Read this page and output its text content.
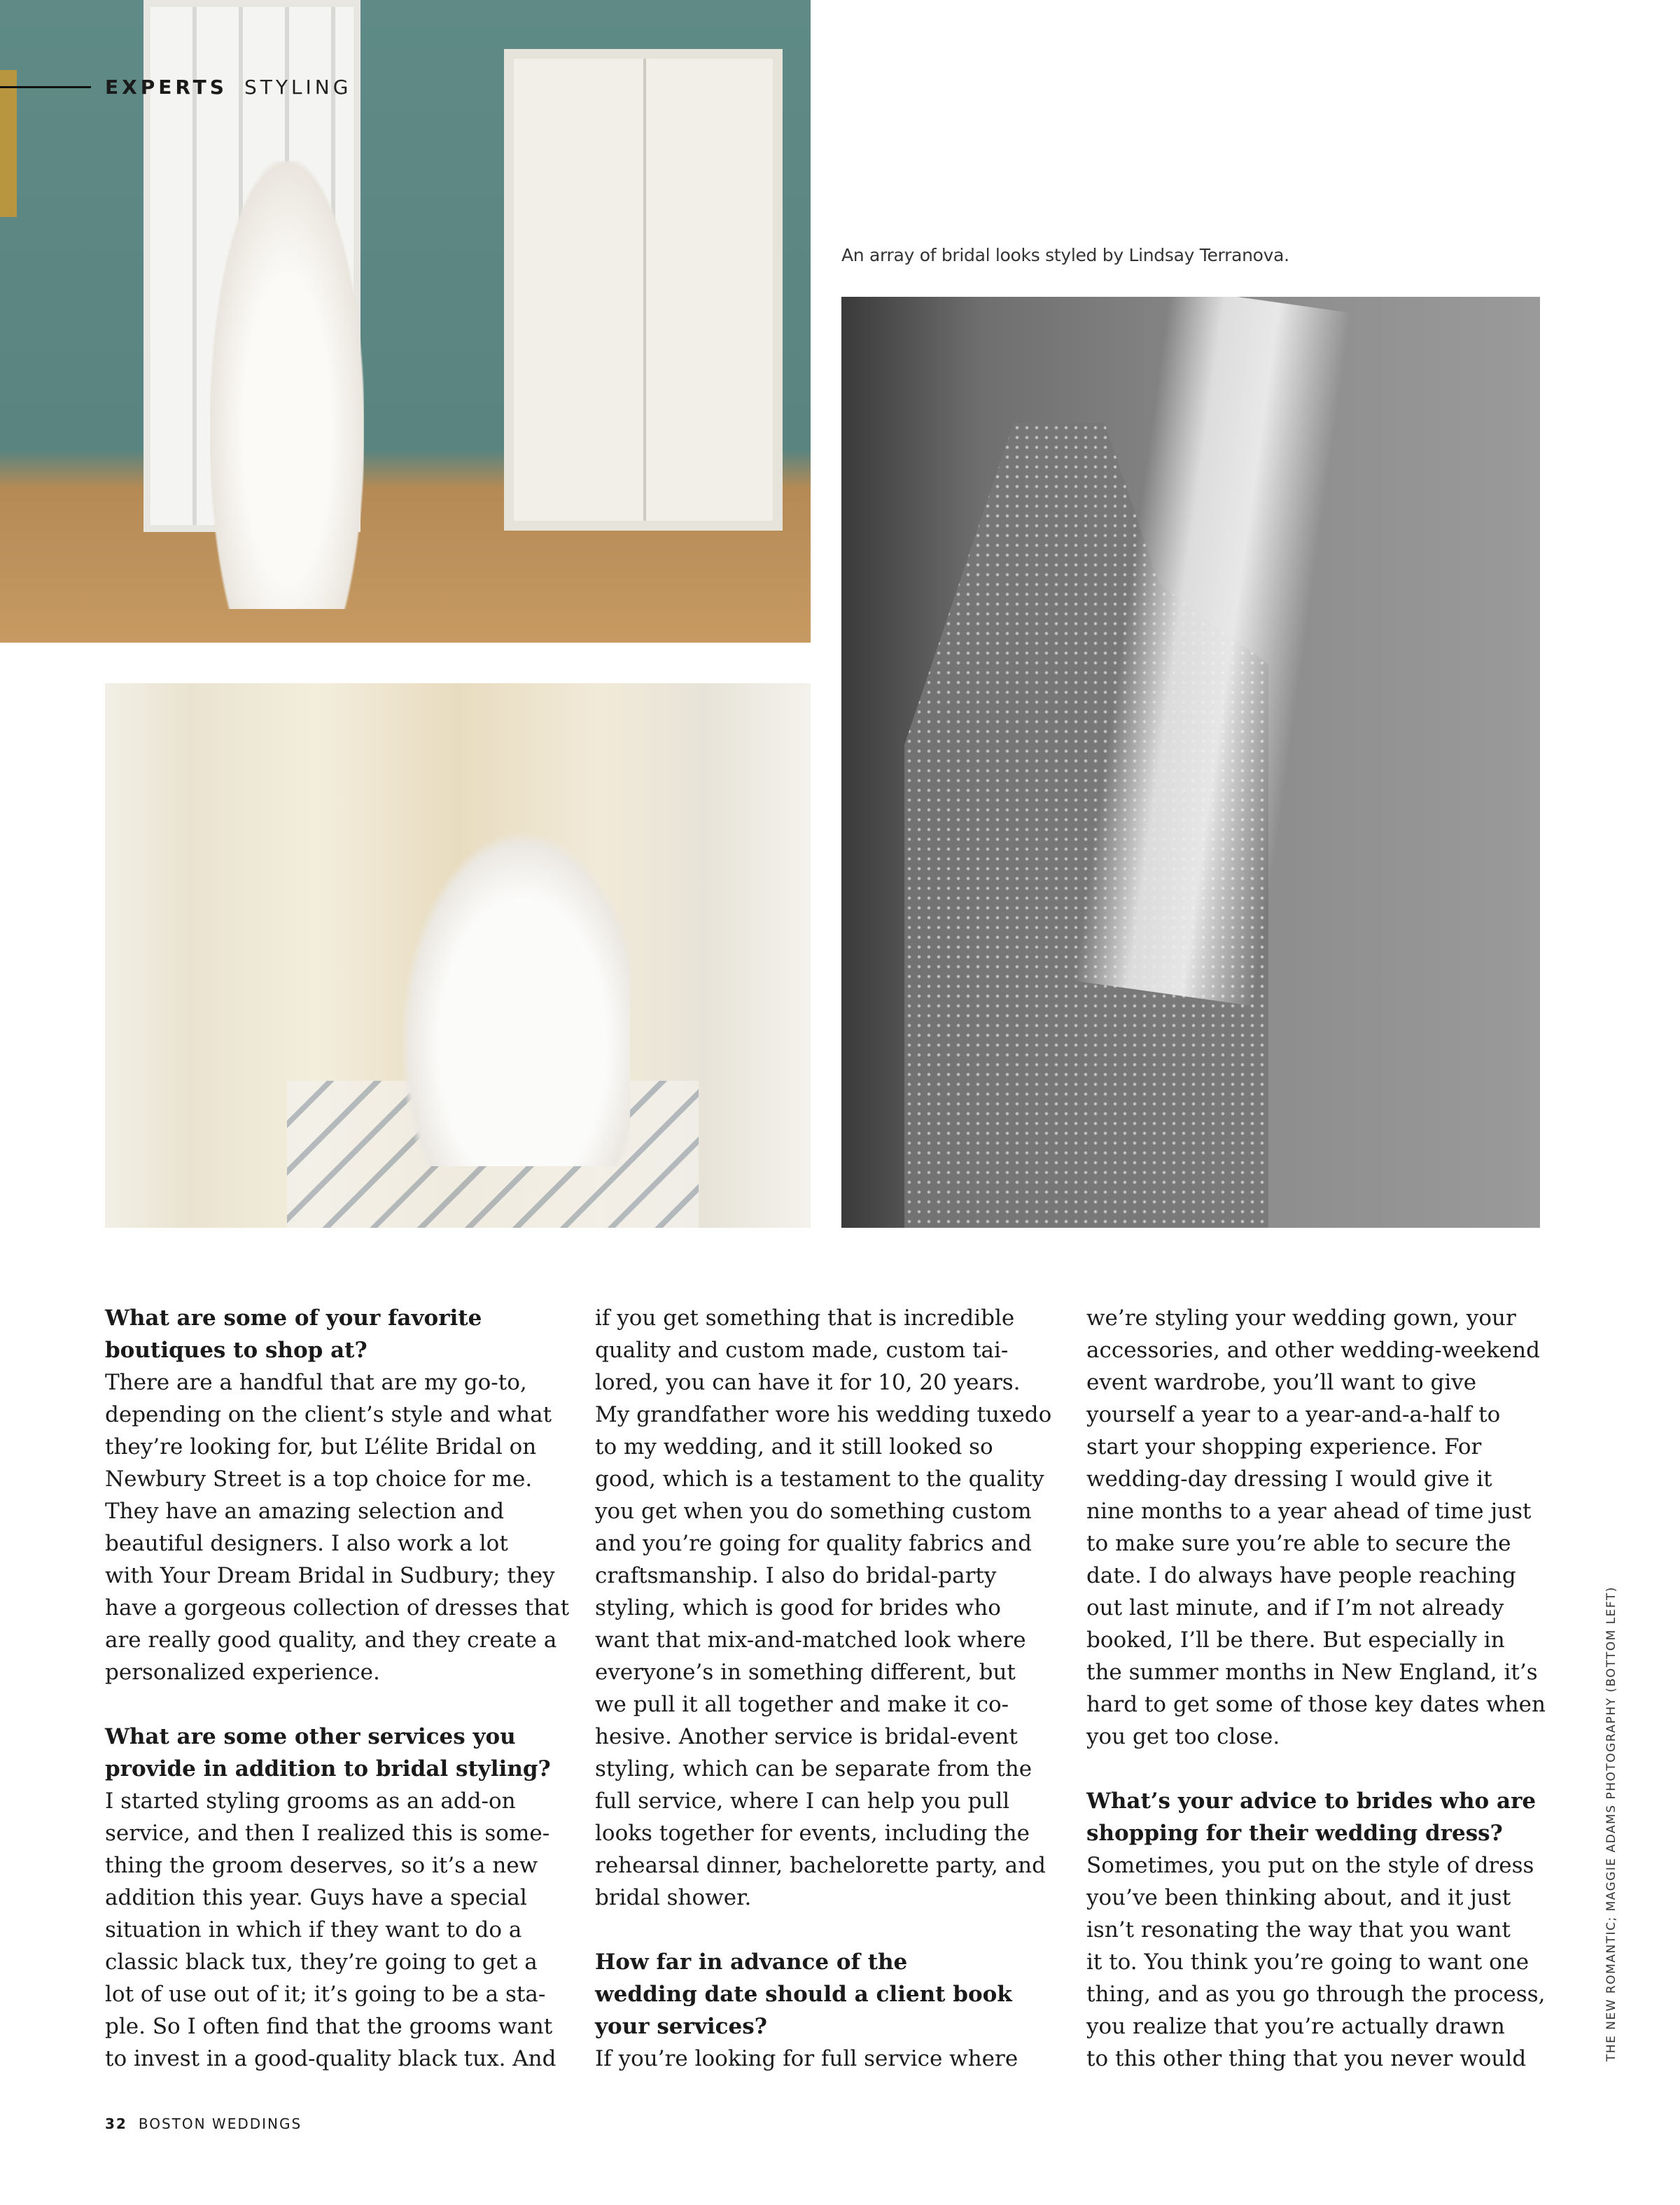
EXPERTS STYLING
An array of bridal looks styled by Lindsay Terranova.
What are some of your favorite
boutiques to shop at?
There are a handful that are my go-to,
depending on the client’s style and what
they’re looking for, but L’élite Bridal on
Newbury Street is a top choice for me.
They have an amazing selection and
beautiful designers. I also work a lot
with Your Dream Bridal in Sudbury; they
have a gorgeous collection of dresses that
are really good quality, and they create a
personalized experience.
What are some other services you
provide in addition to bridal styling?
I started styling grooms as an add-on
service, and then I realized this is some-
thing the groom deserves, so it’s a new
addition this year. Guys have a special
situation in which if they want to do a
classic black tux, they’re going to get a
lot of use out of it; it’s going to be a sta-
ple. So I often find that the grooms want
to invest in a good-quality black tux. And
if you get something that is incredible
quality and custom made, custom tai-
lored, you can have it for 10, 20 years.
My grandfather wore his wedding tuxedo
to my wedding, and it still looked so
good, which is a testament to the quality
you get when you do something custom
and you’re going for quality fabrics and
craftsmanship. I also do bridal-party
styling, which is good for brides who
want that mix-and-matched look where
everyone’s in something different, but
we pull it all together and make it co-
hesive. Another service is bridal-event
styling, which can be separate from the
full service, where I can help you pull
looks together for events, including the
rehearsal dinner, bachelorette party, and
bridal shower.
How far in advance of the
wedding date should a client book
your services?
If you’re looking for full service where
we’re styling your wedding gown, your
accessories, and other wedding-weekend
event wardrobe, you’ll want to give
yourself a year to a year-and-a-half to
start your shopping experience. For
wedding-day dressing I would give it
nine months to a year ahead of time just
to make sure you’re able to secure the
date. I do always have people reaching
out last minute, and if I’m not already
booked, I’ll be there. But especially in
the summer months in New England, it’s
hard to get some of those key dates when
you get too close.
What’s your advice to brides who are
shopping for their wedding dress?
Sometimes, you put on the style of dress
you’ve been thinking about, and it just
isn’t resonating the way that you want
it to. You think you’re going to want one
thing, and as you go through the process,
you realize that you’re actually drawn
to this other thing that you never would	THE NEW ROMANTIC; MAGGIE ADAMS PHOTOGRAPHY (BOTTOM LEFT)
32 BOSTON WEDDINGS
